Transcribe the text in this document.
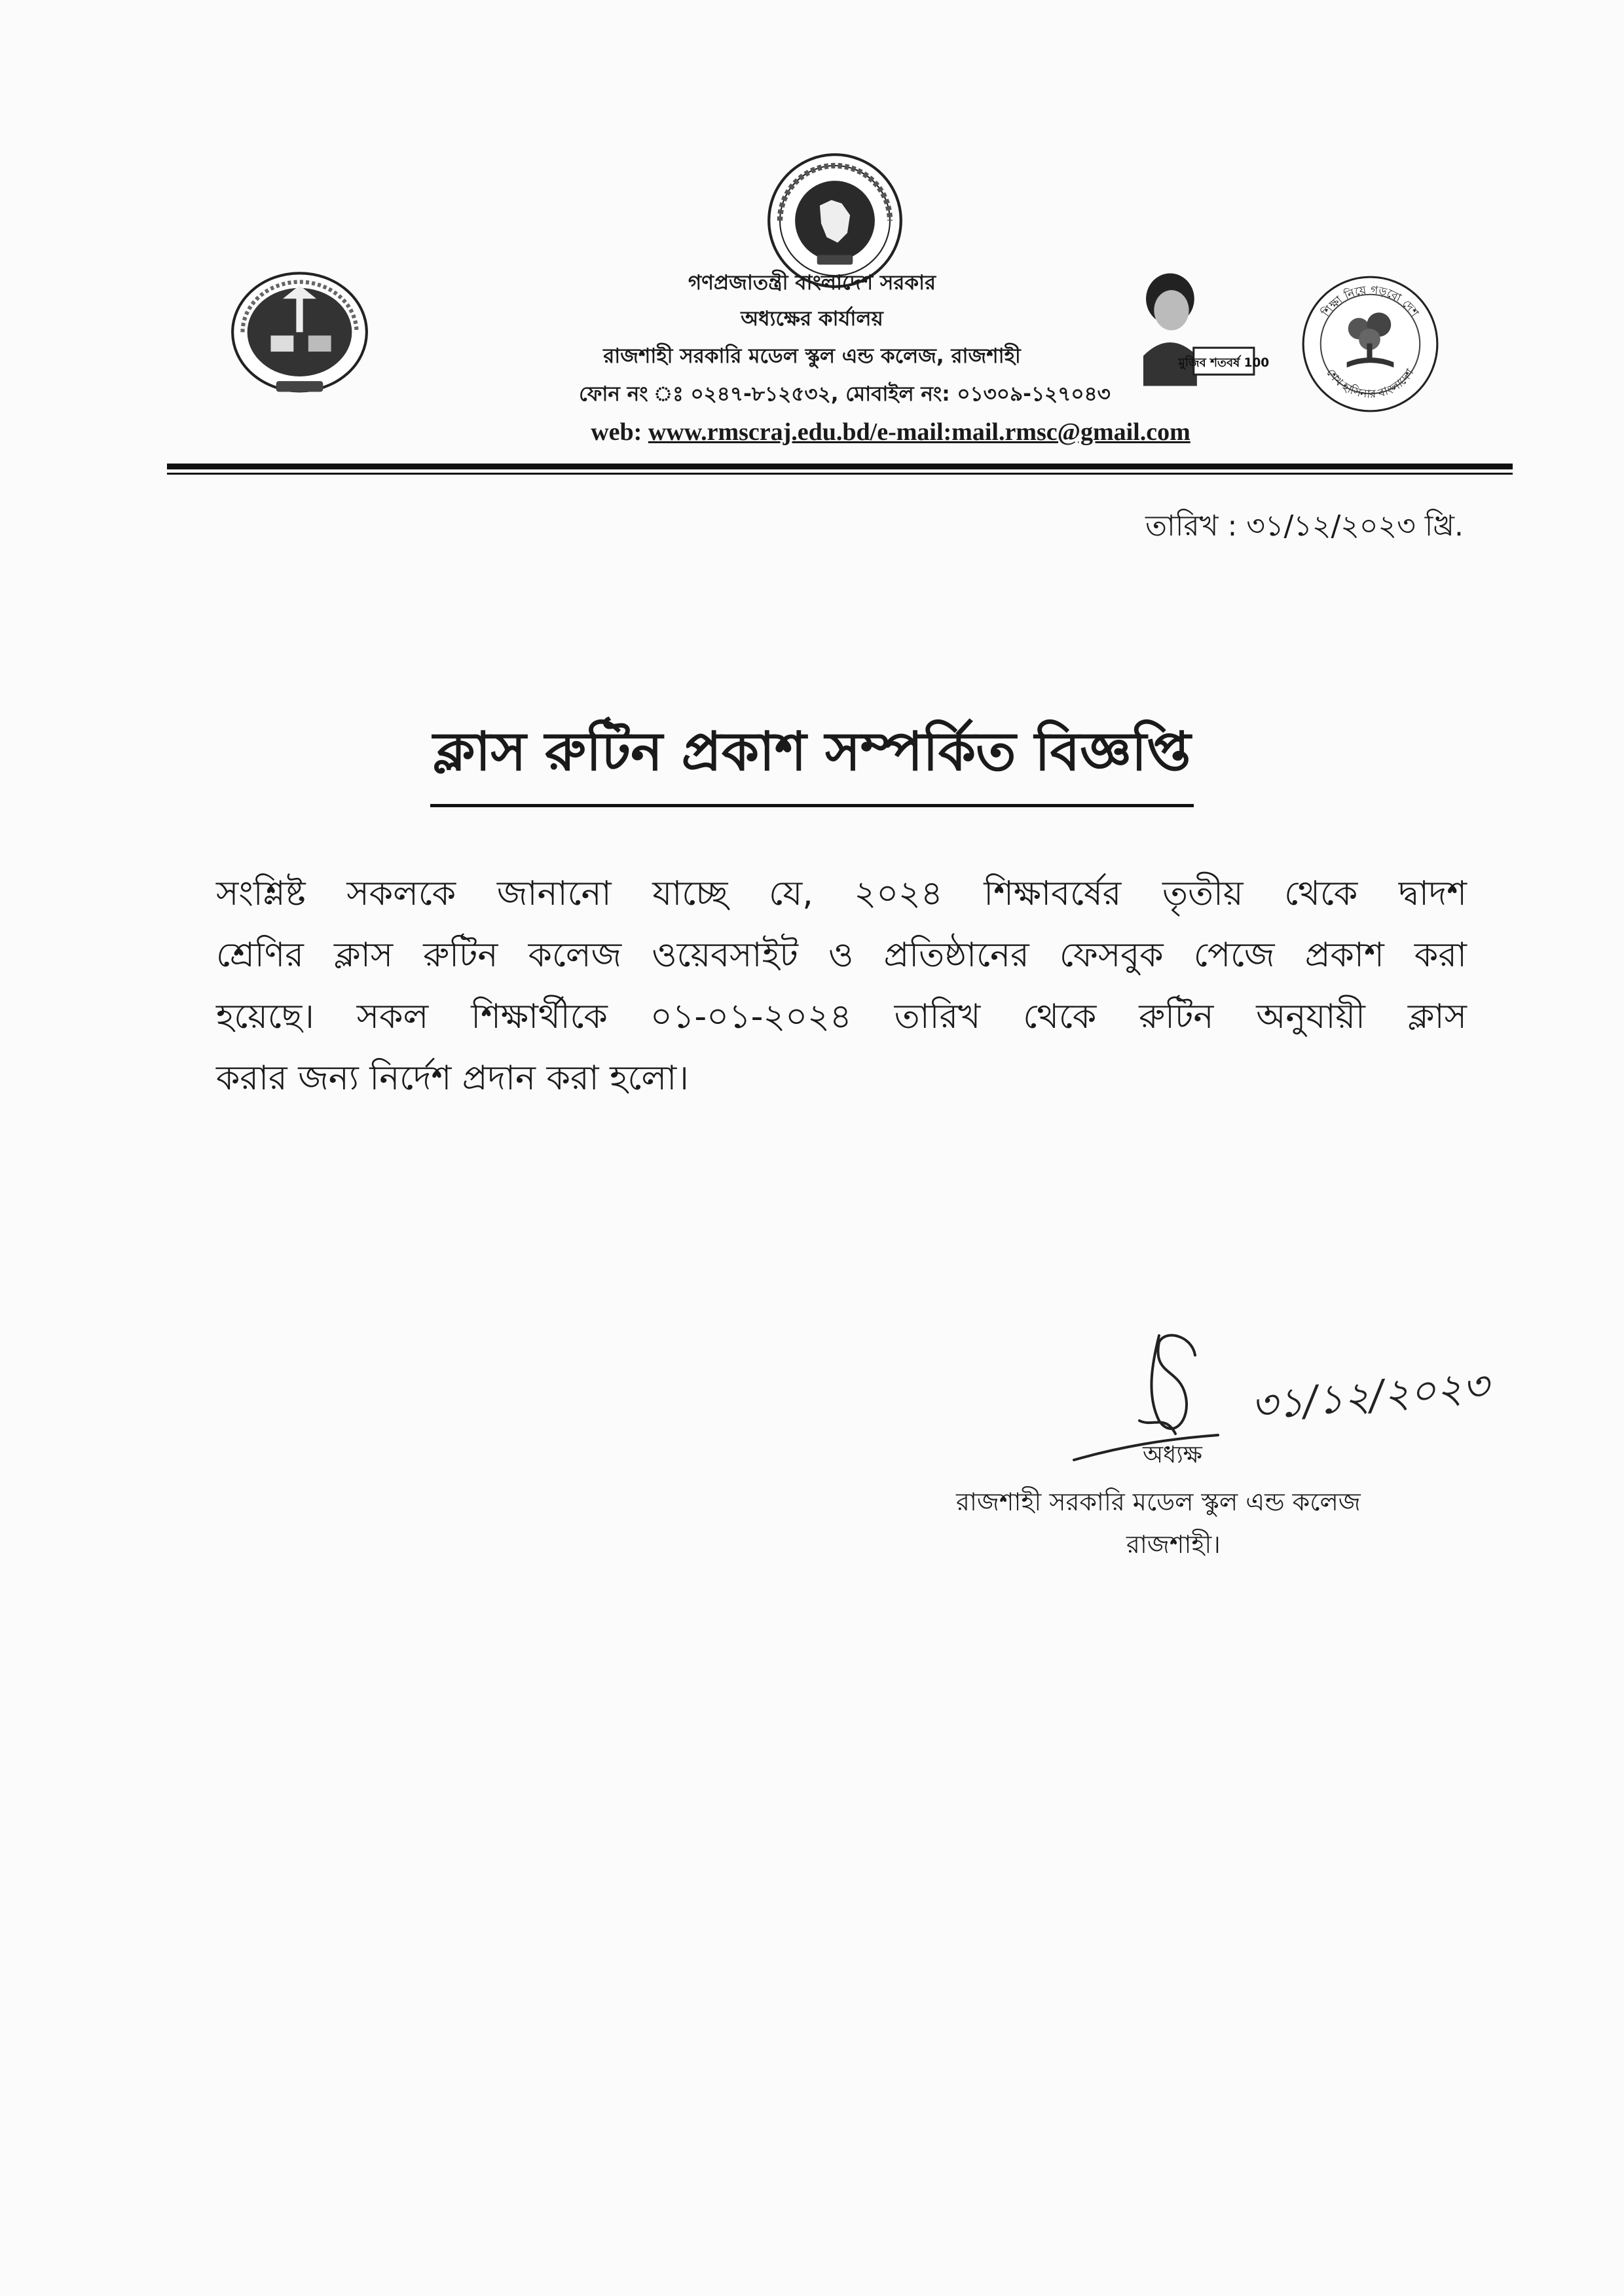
মুজিব শতবর্ষ 100
শিক্ষা নিয়ে গড়বো দেশ
শেখ হাসিনার বাংলাদেশ
গণপ্রজাতন্ত্রী বাংলাদেশ সরকার
অধ্যক্ষের কার্যালয়
রাজশাহী সরকারি মডেল স্কুল এন্ড কলেজ, রাজশাহী
ফোন নং ঃ ০২৪৭-৮১২৫৩২, মোবাইল নং: ০১৩০৯-১২৭০৪৩
web: www.rmscraj.edu.bd/e-mail:mail.rmsc@gmail.com
তারিখ : ৩১/১২/২০২৩ খ্রি.
ক্লাস রুটিন প্রকাশ সম্পর্কিত বিজ্ঞপ্তি
সংশ্লিষ্ট সকলকে জানানো যাচ্ছে যে, ২০২৪ শিক্ষাবর্ষের তৃতীয় থেকে দ্বাদশ
শ্রেণির ক্লাস রুটিন কলেজ ওয়েবসাইট ও প্রতিষ্ঠানের ফেসবুক পেজে প্রকাশ করা
হয়েছে। সকল শিক্ষার্থীকে ০১-০১-২০২৪ তারিখ থেকে রুটিন অনুযায়ী ক্লাস
করার জন্য নির্দেশ প্রদান করা হলো।
৩১/১২/২০২৩
অধ্যক্ষ
রাজশাহী সরকারি মডেল স্কুল এন্ড কলেজ
রাজশাহী।
